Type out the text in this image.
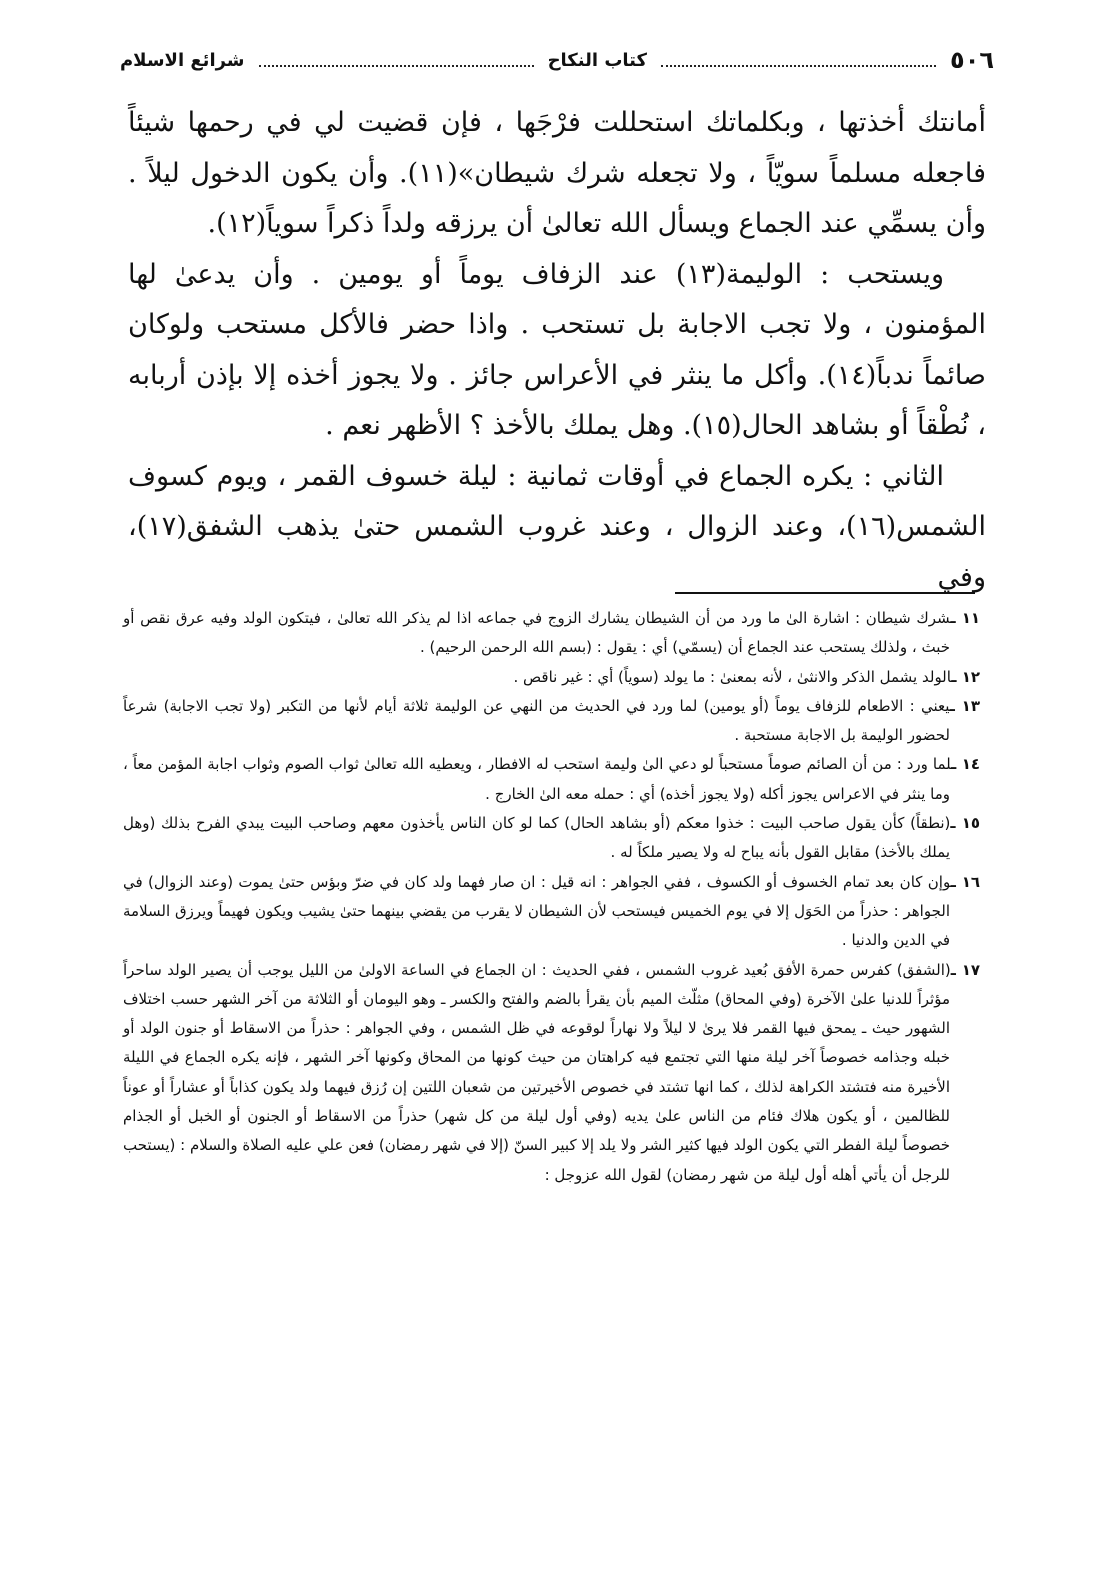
٥٠٦
كتاب النكاح
شرائع الاسلام

أمانتك أخذتها ، وبكلماتك استحللت فرْجَها ، فإن قضيت لي في رحمها شيئاً فاجعله مسلماً سويّاً ، ولا تجعله شرك شيطان»(١١). وأن يكون الدخول ليلاً . وأن يسمِّي عند الجماع ويسأل الله تعالىٰ أن يرزقه ولداً ذكراً سوياً(١٢).

ويستحب : الوليمة(١٣) عند الزفاف يوماً أو يومين . وأن يدعىٰ لها المؤمنون ، ولا تجب الاجابة بل تستحب . واذا حضر فالأكل مستحب ولوكان صائماً ندباً(١٤). وأكل ما ينثر في الأعراس جائز . ولا يجوز أخذه إلا بإذن أربابه ، نُطْقاً أو بشاهد الحال(١٥). وهل يملك بالأخذ ؟ الأظهر نعم .

الثاني : يكره الجماع في أوقات ثمانية : ليلة خسوف القمر ، ويوم كسوف الشمس(١٦)، وعند الزوال ، وعند غروب الشمس حتىٰ يذهب الشفق(١٧)، وفي

١١ ـشرك شيطان : اشارة الىٰ ما ورد من أن الشيطان يشارك الزوج في جماعه اذا لم يذكر الله تعالىٰ ، فيتكون الولد وفيه عرق نقص أو خبث ، ولذلك يستحب عند الجماع أن (يسمّي) أي : يقول : (بسم الله الرحمن الرحيم) .

١٢ ـالولد يشمل الذكر والانثىٰ ، لأنه بمعنىٰ : ما يولد (سوياً) أي : غير ناقص .

١٣ ـيعني : الاطعام للزفاف يوماً (أو يومين) لما ورد في الحديث من النهي عن الوليمة ثلاثة أيام لأنها من التكبر (ولا تجب الاجابة) شرعاً لحضور الوليمة بل الاجابة مستحبة .

١٤ ـلما ورد : من أن الصائم صوماً مستحباً لو دعي الىٰ وليمة استحب له الافطار ، ويعطيه الله تعالىٰ ثواب الصوم وثواب اجابة المؤمن معاً ، وما ينثر في الاعراس يجوز أكله (ولا يجوز أخذه) أي : حمله معه الىٰ الخارج .

١٥ ـ(نطقاً) كأن يقول صاحب البيت : خذوا معكم (أو بشاهد الحال) كما لو كان الناس يأخذون معهم وصاحب البيت يبدي الفرح بذلك (وهل يملك بالأخذ) مقابل القول بأنه يباح له ولا يصير ملكاً له .

١٦ ـوإن كان بعد تمام الخسوف أو الكسوف ، ففي الجواهر : انه قيل : ان صار فهما ولد كان في ضرّ وبؤس حتىٰ يموت (وعند الزوال) في الجواهر : حذراً من الحَوَل إلا في يوم الخميس فيستحب لأن الشيطان لا يقرب من يقضي بينهما حتىٰ يشيب ويكون فهيماً ويرزق السلامة في الدين والدنيا .

١٧ ـ(الشفق) كفرس حمرة الأفق بُعيد غروب الشمس ، ففي الحديث : ان الجماع في الساعة الاولىٰ من الليل يوجب أن يصير الولد ساحراً مؤثراً للدنيا علىٰ الآخرة (وفي المحاق) مثلّث الميم بأن يقرأ بالضم والفتح والكسر ـ وهو اليومان أو الثلاثة من آخر الشهر حسب اختلاف الشهور حيث ـ يمحق فيها القمر فلا يرىٰ لا ليلاً ولا نهاراً لوقوعه في ظل الشمس ، وفي الجواهر : حذراً من الاسقاط أو جنون الولد أو خبله وجذامه خصوصاً آخر ليلة منها التي تجتمع فيه كراهتان من حيث كونها من المحاق وكونها آخر الشهر ، فإنه يكره الجماع في الليلة الأخيرة منه فتشتد الكراهة لذلك ، كما انها تشتد في خصوص الأخيرتين من شعبان اللتين إن رُزق فيهما ولد يكون كذاباً أو عشاراً أو عوناً للظالمين ، أو يكون هلاك فئام من الناس علىٰ يديه (وفي أول ليلة من كل شهر) حذراً من الاسقاط أو الجنون أو الخبل أو الجذام خصوصاً ليلة الفطر التي يكون الولد فيها كثير الشر ولا يلد إلا كبير السنّ (إلا في شهر رمضان) فعن علي عليه الصلاة والسلام : (يستحب للرجل أن يأتي أهله أول ليلة من شهر رمضان) لقول الله عزوجل :
